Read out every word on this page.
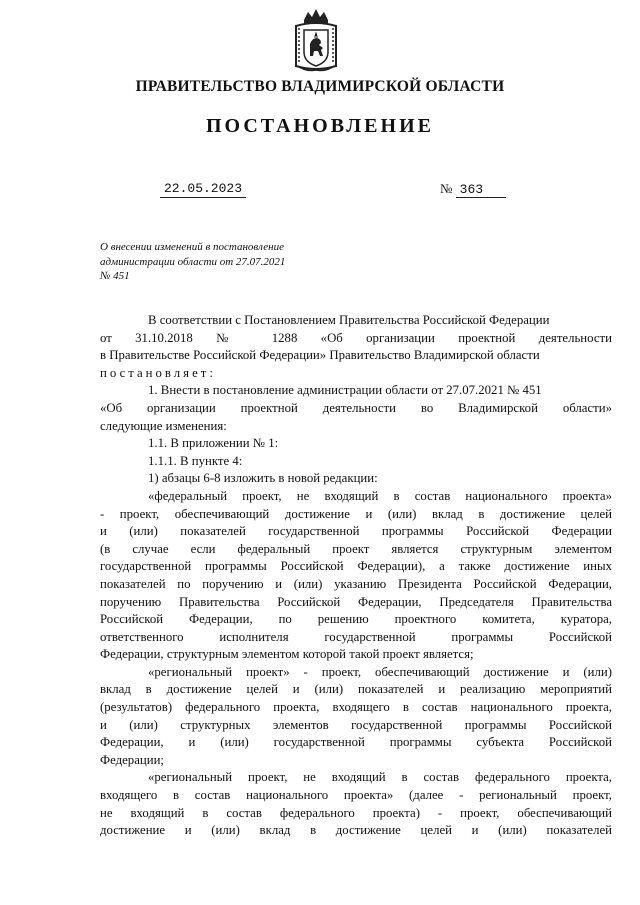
ПРАВИТЕЛЬСТВО ВЛАДИМИРСКОЙ ОБЛАСТИ
ПОСТАНОВЛЕНИЕ
22.05.2023	№ 363
О внесении изменений в постановление
администрации области от 27.07.2021
№ 451
В соответствии с Постановлением Правительства Российской Федерации
от 31.10.2018 № 1288 «Об организации проектной деятельности
в Правительстве Российской Федерации» Правительство Владимирской области
постановляет:
1. Внести в постановление администрации области от 27.07.2021 № 451
«Об организации проектной деятельности во Владимирской области»
следующие изменения:
1.1. В приложении № 1:
1.1.1. В пункте 4:
1) абзацы 6-8 изложить в новой редакции:
«федеральный проект, не входящий в состав национального проекта»
- проект, обеспечивающий достижение и (или) вклад в достижение целей
и (или) показателей государственной программы Российской Федерации
(в случае если федеральный проект является структурным элементом
государственной программы Российской Федерации), а также достижение иных
показателей по поручению и (или) указанию Президента Российской Федерации,
поручению Правительства Российской Федерации, Председателя Правительства
Российской Федерации, по решению проектного комитета, куратора,
ответственного исполнителя государственной программы Российской
Федерации, структурным элементом которой такой проект является;
«региональный проект» - проект, обеспечивающий достижение и (или)
вклад в достижение целей и (или) показателей и реализацию мероприятий
(результатов) федерального проекта, входящего в состав национального проекта,
и (или) структурных элементов государственной программы Российской
Федерации, и (или) государственной программы субъекта Российской
Федерации;
«региональный проект, не входящий в состав федерального проекта,
входящего в состав национального проекта» (далее - региональный проект,
не входящий в состав федерального проекта) - проект, обеспечивающий
достижение и (или) вклад в достижение целей и (или) показателей
